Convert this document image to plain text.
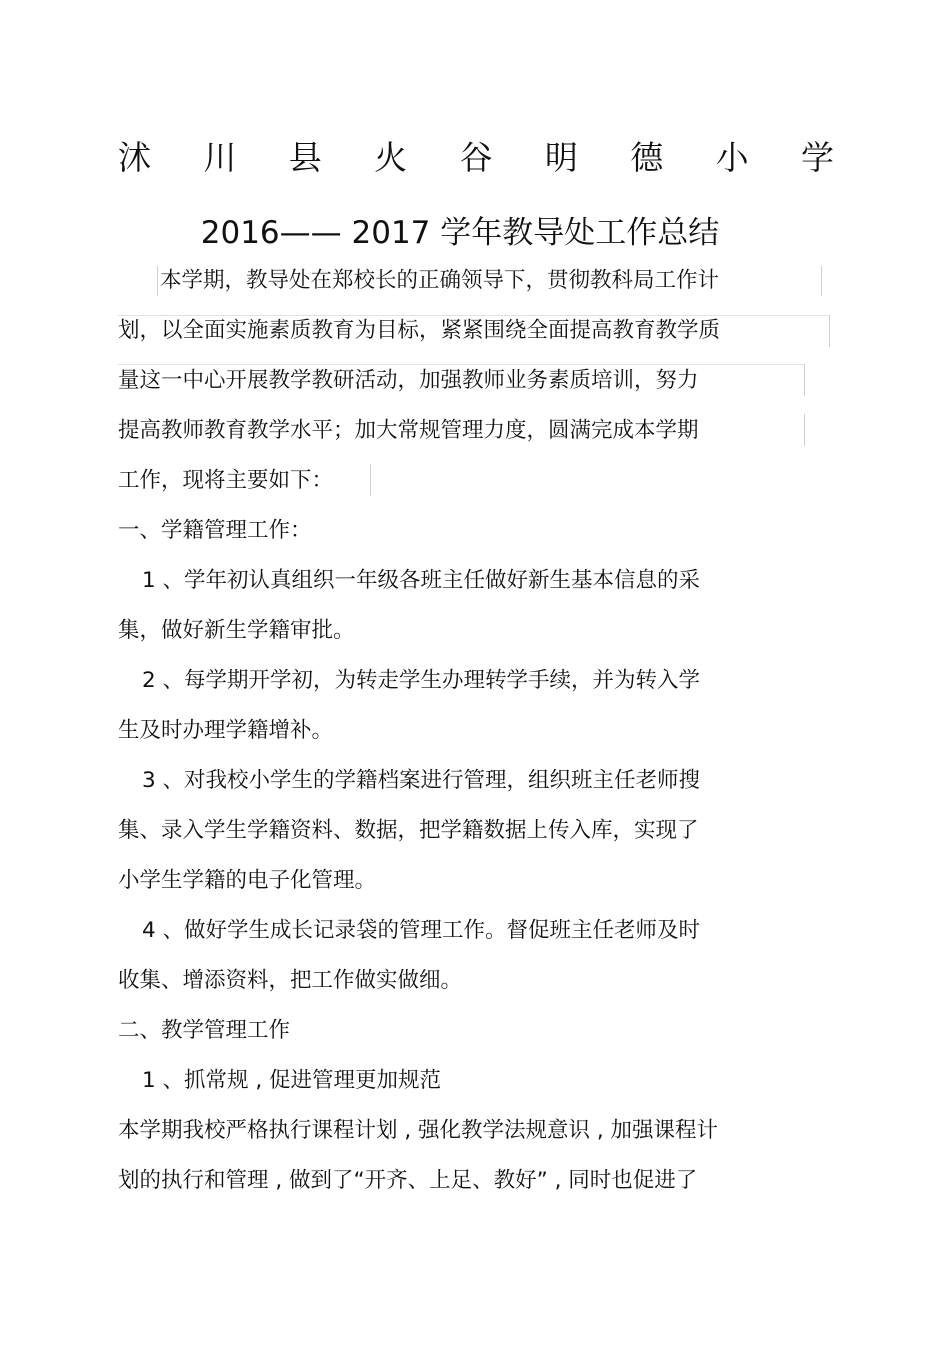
沭 川 县 火 谷 明 德 小 学
2016—— 2017 学年教导处工作总结

本学期，教导处在郑校长的正确领导下，贯彻教科局工作计

划，以全面实施素质教育为目标，紧紧围绕全面提高教育教学质

量这一中心开展教学教研活动，加强教师业务素质培训，努力

提高教师教育教学水平；加大常规管理力度，圆满完成本学期

工作，现将主要如下：

一、学籍管理工作：

1 、学年初认真组织一年级各班主任做好新生基本信息的采

集，做好新生学籍审批。

2 、每学期开学初，为转走学生办理转学手续，并为转入学

生及时办理学籍增补。

3 、对我校小学生的学籍档案进行管理，组织班主任老师搜

集、录入学生学籍资料、数据，把学籍数据上传入库，实现了

小学生学籍的电子化管理。

4 、做好学生成长记录袋的管理工作。督促班主任老师及时

收集、增添资料，把工作做实做细。

二、教学管理工作

1 、抓常规 , 促进管理更加规范

本学期我校严格执行课程计划 , 强化教学法规意识 , 加强课程计

划的执行和管理 , 做到了“开齐、上足、教好” , 同时也促进了
